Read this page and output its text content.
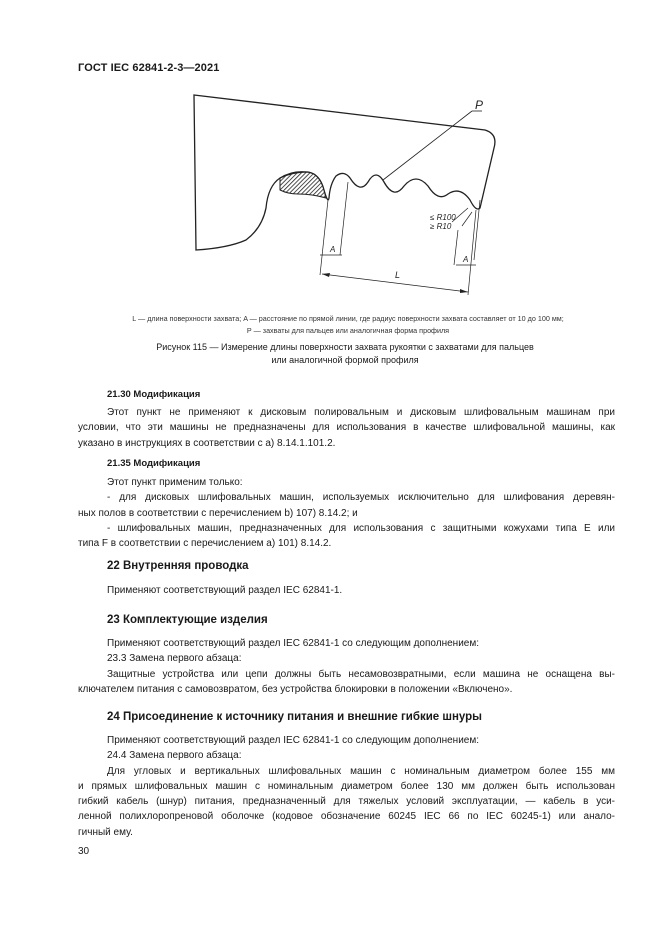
ГОСТ IEC 62841-2-3—2021
P
≤ R100
≥ R10
A
A
L
L — длина поверхности захвата; A — расстояние по прямой линии, где радиус поверхности захвата составляет от 10 до 100 мм;
P — захваты для пальцев или аналогичная форма профиля
Рисунок 115 — Измерение длины поверхности захвата рукоятки с захватами для пальцев
или аналогичной формой профиля
21.30 Модификация
Этот пункт не применяют к дисковым полировальным и дисковым шлифовальным машинам при
условии, что эти машины не предназначены для использования в качестве шлифовальной машины, как
указано в инструкциях в соответствии с а) 8.14.1.101.2.
21.35 Модификация
Этот пункт применим только:
- для дисковых шлифовальных машин, используемых исключительно для шлифования деревян-
ных полов в соответствии с перечислением b) 107) 8.14.2; и
- шлифовальных машин, предназначенных для использования с защитными кожухами типа E или
типа F в соответствии с перечислением а) 101) 8.14.2.
22 Внутренняя проводка
Применяют соответствующий раздел IEC 62841-1.
23 Комплектующие изделия
Применяют соответствующий раздел IEC 62841-1 со следующим дополнением:
23.3 Замена первого абзаца:
Защитные устройства или цепи должны быть несамовозвратными, если машина не оснащена вы-
ключателем питания с самовозвратом, без устройства блокировки в положении «Включено».
24 Присоединение к источнику питания и внешние гибкие шнуры
Применяют соответствующий раздел IEC 62841-1 со следующим дополнением:
24.4 Замена первого абзаца:
Для угловых и вертикальных шлифовальных машин с номинальным диаметром более 155 мм
и прямых шлифовальных машин с номинальным диаметром более 130 мм должен быть использован
гибкий кабель (шнур) питания, предназначенный для тяжелых условий эксплуатации, — кабель в уси-
ленной полихлоропреновой оболочке (кодовое обозначение 60245 IEC 66 по IEC 60245-1) или анало-
гичный ему.
30
